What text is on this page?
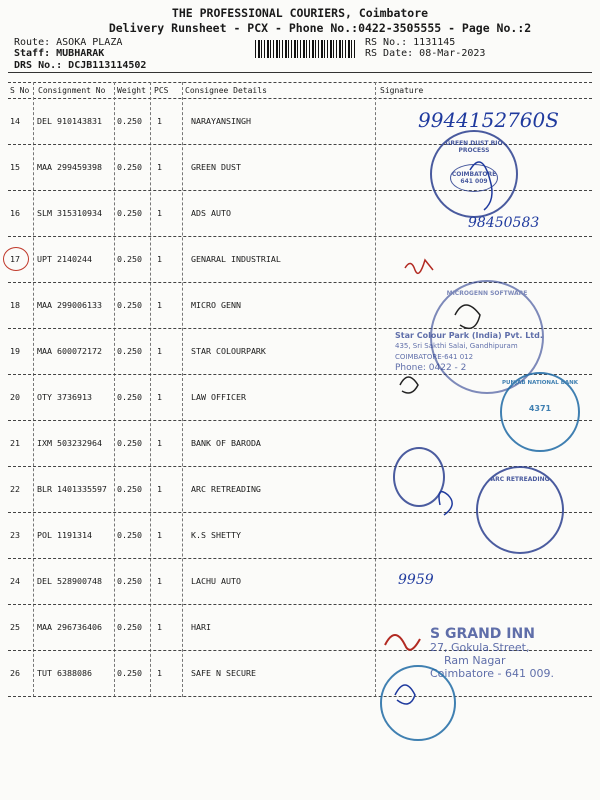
THE PROFESSIONAL COURIERS, Coimbatore
Delivery Runsheet - PCX - Phone No.:0422-3505555 - Page No.:2
Route: ASOKA PLAZA
Staff: MUBHARAK
DRS No.: DCJB113114502
RS No.: 1131145
RS Date: 08-Mar-2023
S No Consignment No Weight PCS Consignee Details	Signature
14 DEL 910143831 0.250 1	NARAYANSINGH
15 MAA 299459398 0.250 1	GREEN DUST
16 SLM 315310934 0.250 1	ADS AUTO
17 UPT 2140244	0.250 1	GENARAL INDUSTRIAL
18 MAA 299006133 0.250 1	MICRO GENN
19 MAA 600072172 0.250 1	STAR COLOURPARK
20 OTY 3736913	0.250 1	LAW OFFICER
21 IXM 503232964 0.250 1	BANK OF BARODA
22 BLR 1401335597 0.250 1	ARC RETREADING
23 POL 1191314	0.250 1	K.S SHETTY
24 DEL 528900748 0.250 1	LACHU AUTO
25 MAA 296736406 0.250 1	HARI
26 TUT 6388086	0.250 1	SAFE N SECURE
GREEN DUST BIO PROCESS
COIMBATORE 641 009
MICROGENN SOFTWARE
Star Colour Park (India) Pvt. Ltd.
435, Sri Sakthi Salai, Gandhipuram
COIMBATORE-641 012
Phone: 0422 - 2
PUNJAB NATIONAL BANK
4371
ARC RETREADING
S GRAND INN
27, Gokula Street,
Ram Nagar
Coimbatore - 641 009.
9944152760S
98450583
9959
